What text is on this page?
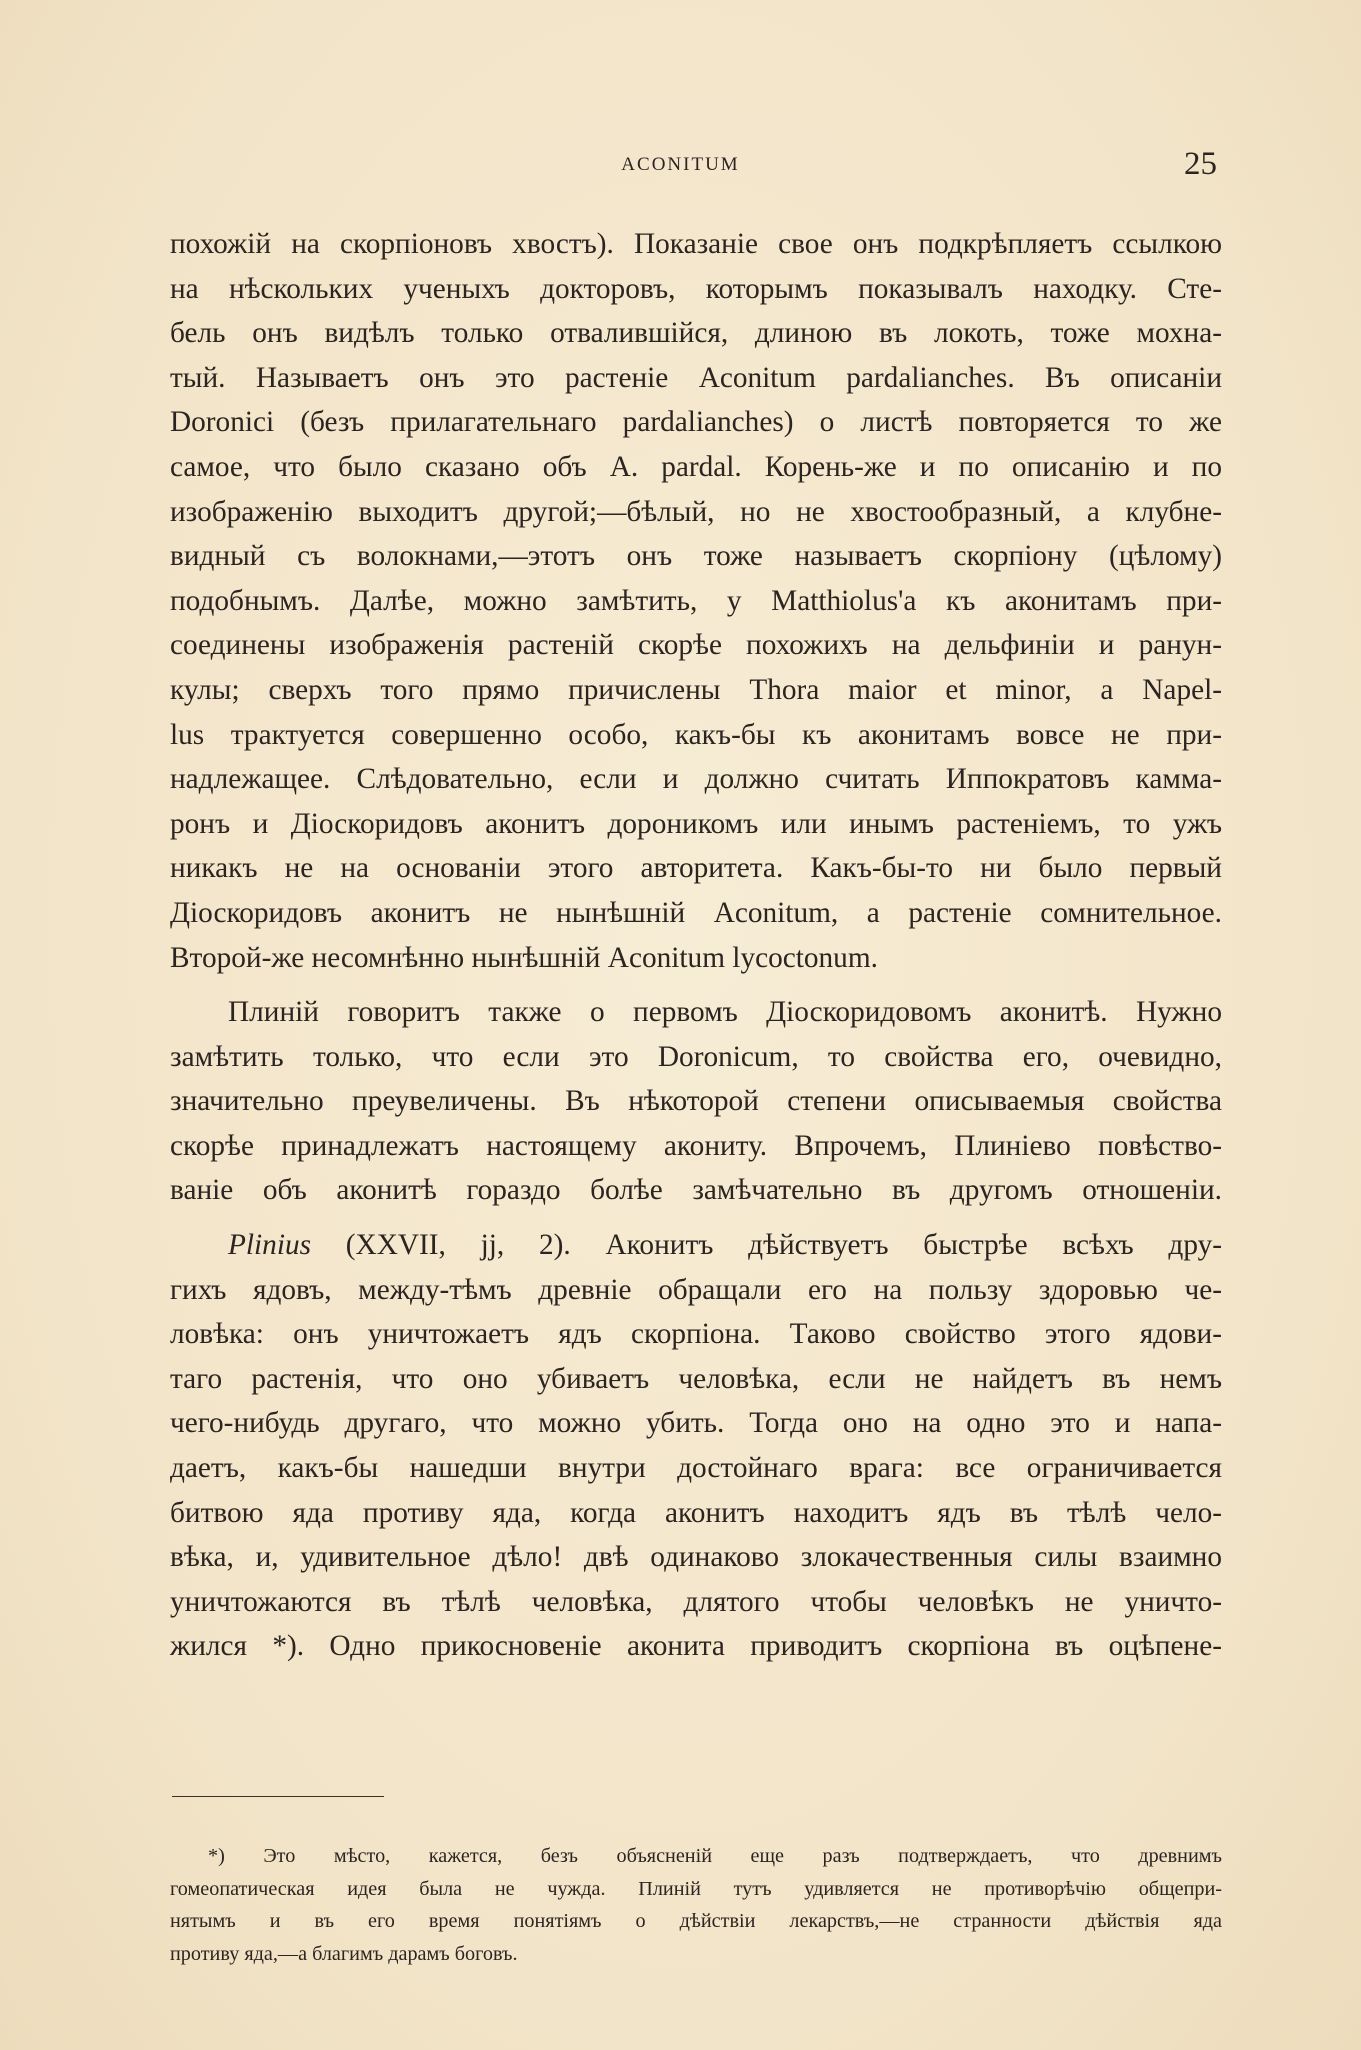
ACONITUM	25
похожiй на скорпiоновъ хвостъ). Показанiе свое онъ подкрѣпляетъ ссылкою
на нѣскольких ученыхъ докторовъ, которымъ показывалъ находку. Сте-
бель онъ видѣлъ только отвалившiйся, длиною въ локоть, тоже мохна-
тый. Называетъ онъ это растенiе Aconitum pardalianches. Въ описанiи
Doronici (безъ прилагательнаго pardalianches) о листѣ повторяется то же
самое, что было сказано объ A. pardal. Корень-же и по описанiю и по
изображенiю выходитъ другой;—бѣлый, но не хвостообразный, а клубне-
видный съ волокнами,—этотъ онъ тоже называетъ скорпiону (цѣлому)
подобнымъ. Далѣе, можно замѣтить, у Matthiolus'a къ аконитамъ при-
соединены изображенiя растенiй скорѣе похожихъ на дельфинiи и ранун-
кулы; сверхъ того прямо причислены Thora maior et minor, а Napel-
lus трактуется совершенно особо, какъ-бы къ аконитамъ вовсе не при-
надлежащее. Слѣдовательно, если и должно считать Иппократовъ камма-
ронъ и Дiоскоридовъ аконитъ дороникомъ или инымъ растенiемъ, то ужъ
никакъ не на основанiи этого авторитета. Какъ-бы-то ни было первый
Дiоскоридовъ аконитъ не нынѣшнiй Aconitum, а растенiе сомнительное.
Второй-же несомнѣнно нынѣшнiй Aconitum lycoctonum.
Плинiй говоритъ также о первомъ Дiоскоридовомъ аконитѣ. Нужно
замѣтить только, что если это Doronicum, то свойства его, очевидно,
значительно преувеличены. Въ нѣкоторой степени описываемыя свойства
скорѣе принадлежатъ настоящему акониту. Впрочемъ, Плинiево повѣство-
ванiе объ аконитѣ гораздо болѣе замѣчательно въ другомъ отношенiи.
Plinius (XXVII, jj, 2). Аконитъ дѣйствуетъ быстрѣе всѣхъ дру-
гихъ ядовъ, между-тѣмъ древнiе обращали его на пользу здоровью че-
ловѣка: онъ уничтожаетъ ядъ скорпiона. Таково свойство этого ядови-
таго растенiя, что оно убиваетъ человѣка, если не найдетъ въ немъ
чего-нибудь другаго, что можно убить. Тогда оно на одно это и напа-
даетъ, какъ-бы нашедши внутри достойнаго врага: все ограничивается
битвою яда противу яда, когда аконитъ находитъ ядъ въ тѣлѣ чело-
вѣка, и, удивительное дѣло! двѣ одинаково злокачественныя силы взаимно
уничтожаются въ тѣлѣ человѣка, длятого чтобы человѣкъ не уничто-
жился *). Одно прикосновенiе аконита приводитъ скорпiона въ оцѣпене-
*) Это мѣсто, кажется, безъ объясненiй еще разъ подтверждаетъ, что древнимъ
гомеопатическая идея была не чужда. Плинiй тутъ удивляется не противорѣчiю общепри-
нятымъ и въ его время понятiямъ о дѣйствiи лекарствъ,—не странности дѣйствiя яда
противу яда,—а благимъ дарамъ боговъ.
